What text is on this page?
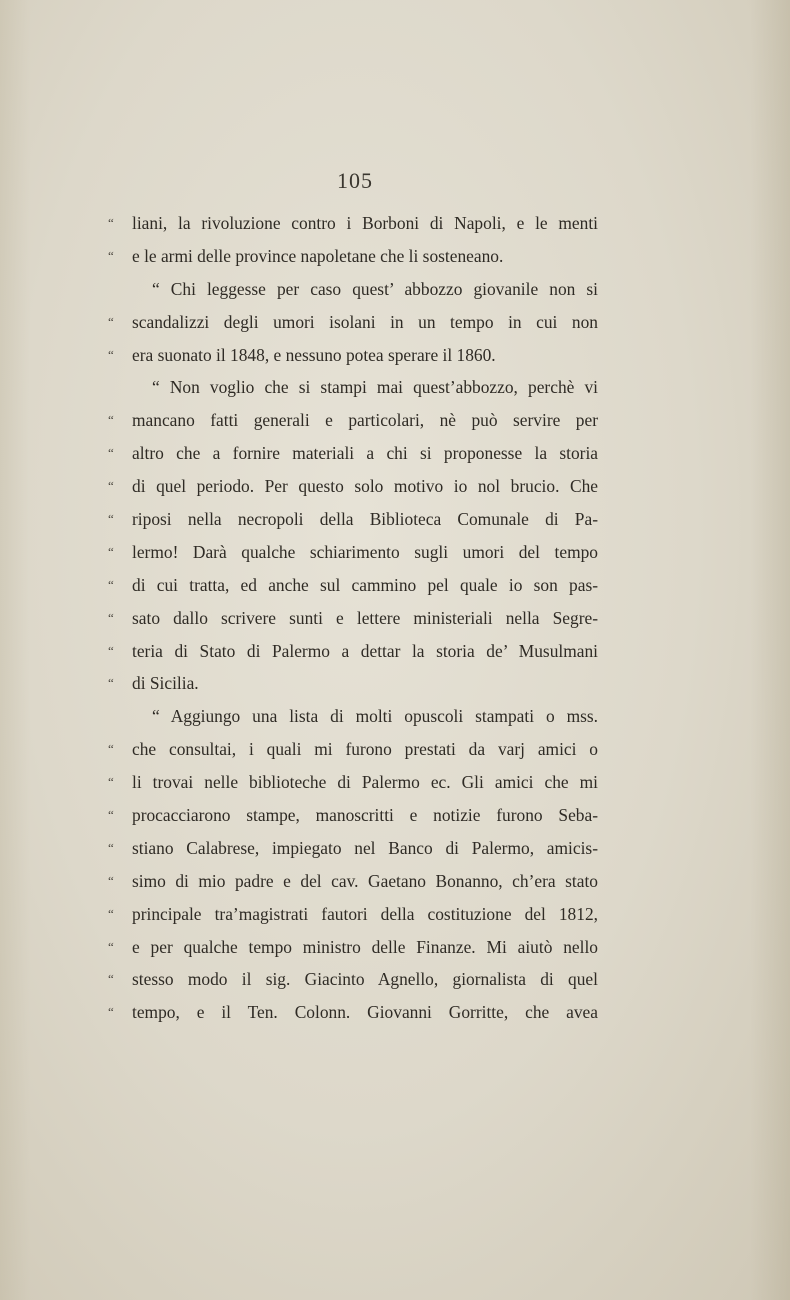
105
“	liani, la rivoluzione contro i Borboni di Napoli, e le menti
“	e le armi delle province napoletane che li sosteneano.
“ Chi leggesse per caso quest’ abbozzo giovanile non si
“	scandalizzi degli umori isolani in un tempo in cui non
“	era suonato il 1848, e nessuno potea sperare il 1860.
“ Non voglio che si stampi mai quest’abbozzo, perchè vi
“	mancano fatti generali e particolari, nè può servire per
“	altro che a fornire materiali a chi si proponesse la storia
“	di quel periodo. Per questo solo motivo io nol brucio. Che
“	riposi nella necropoli della Biblioteca Comunale di Pa-
“	lermo! Darà qualche schiarimento sugli umori del tempo
“	di cui tratta, ed anche sul cammino pel quale io son pas-
“	sato dallo scrivere sunti e lettere ministeriali nella Segre-
“	teria di Stato di Palermo a dettar la storia de’ Musulmani
“	di Sicilia.
“ Aggiungo una lista di molti opuscoli stampati o mss.
“	che consultai, i quali mi furono prestati da varj amici o
“	li trovai nelle biblioteche di Palermo ec. Gli amici che mi
“	procacciarono stampe, manoscritti e notizie furono Seba-
“	stiano Calabrese, impiegato nel Banco di Palermo, amicis-
“	simo di mio padre e del cav. Gaetano Bonanno, ch’era stato
“	principale tra’magistrati fautori della costituzione del 1812,
“	e per qualche tempo ministro delle Finanze. Mi aiutò nello
“	stesso modo il sig. Giacinto Agnello, giornalista di quel
“	tempo, e il Ten. Colonn. Giovanni Gorritte, che avea
